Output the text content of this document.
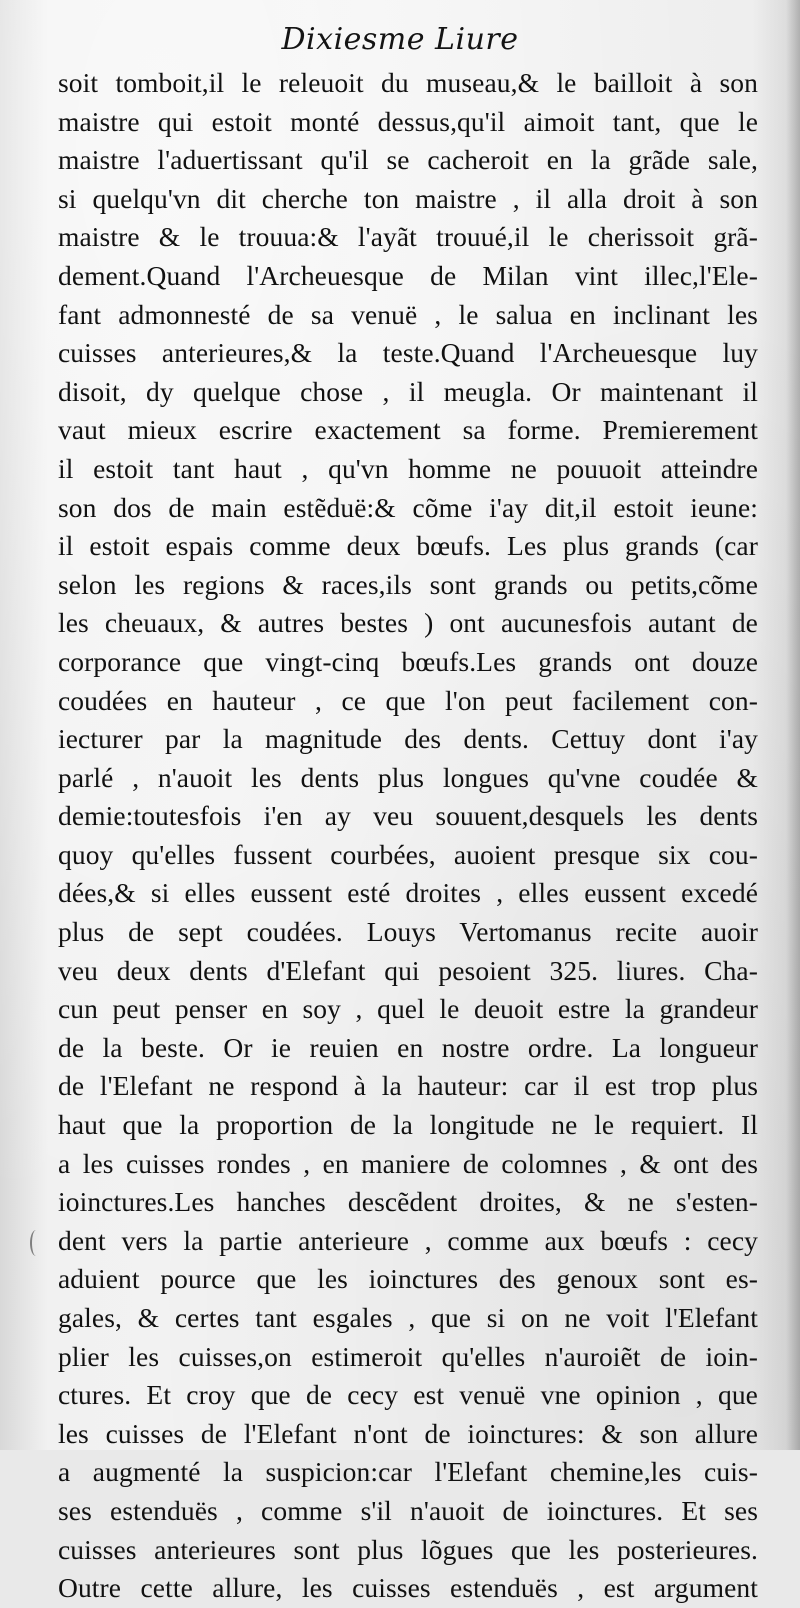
Dixiesme Liure
soit tomboit,il le releuoit du museau,& le bailloit à son
maistre qui estoit monté dessus,qu'il aimoit tant, que le
maistre l'aduertissant qu'il se cacheroit en la grãde sale,
si quelqu'vn dit cherche ton maistre , il alla droit à son
maistre & le trouua:& l'ayãt trouué,il le cherissoit grã-
dement.Quand l'Archeuesque de Milan vint illec,l'Ele-
fant admonnesté de sa venuë , le salua en inclinant les
cuisses anterieures,& la teste.Quand l'Archeuesque luy
disoit, dy quelque chose , il meugla. Or maintenant il
vaut mieux escrire exactement sa forme. Premierement
il estoit tant haut , qu'vn homme ne pouuoit atteindre
son dos de main estẽduë:& cõme i'ay dit,il estoit ieune:
il estoit espais comme deux bœufs. Les plus grands (car
selon les regions & races,ils sont grands ou petits,cõme
les cheuaux, & autres bestes ) ont aucunesfois autant de
corporance que vingt-cinq bœufs.Les grands ont douze
coudées en hauteur , ce que l'on peut facilement con-
iecturer par la magnitude des dents. Cettuy dont i'ay
parlé , n'auoit les dents plus longues qu'vne coudée &
demie:toutesfois i'en ay veu souuent,desquels les dents
quoy qu'elles fussent courbées, auoient presque six cou-
dées,& si elles eussent esté droites , elles eussent excedé
plus de sept coudées. Louys Vertomanus recite auoir
veu deux dents d'Elefant qui pesoient 325. liures. Cha-
cun peut penser en soy , quel le deuoit estre la grandeur
de la beste. Or ie reuien en nostre ordre. La longueur
de l'Elefant ne respond à la hauteur: car il est trop plus
haut que la proportion de la longitude ne le requiert. Il
a les cuisses rondes , en maniere de colomnes , & ont des
ioinctures.Les hanches descẽdent droites, & ne s'esten-
dent vers la partie anterieure , comme aux bœufs : cecy
aduient pource que les ioinctures des genoux sont es-
gales, & certes tant esgales , que si on ne voit l'Elefant
plier les cuisses,on estimeroit qu'elles n'auroiẽt de ioin-
ctures. Et croy que de cecy est venuë vne opinion , que
les cuisses de l'Elefant n'ont de ioinctures: & son allure
a augmenté la suspicion:car l'Elefant chemine,les cuis-
ses estenduës , comme s'il n'auoit de ioinctures. Et ses
cuisses anterieures sont plus lõgues que les posterieures.
Outre cette allure, les cuisses estenduës , est argument
